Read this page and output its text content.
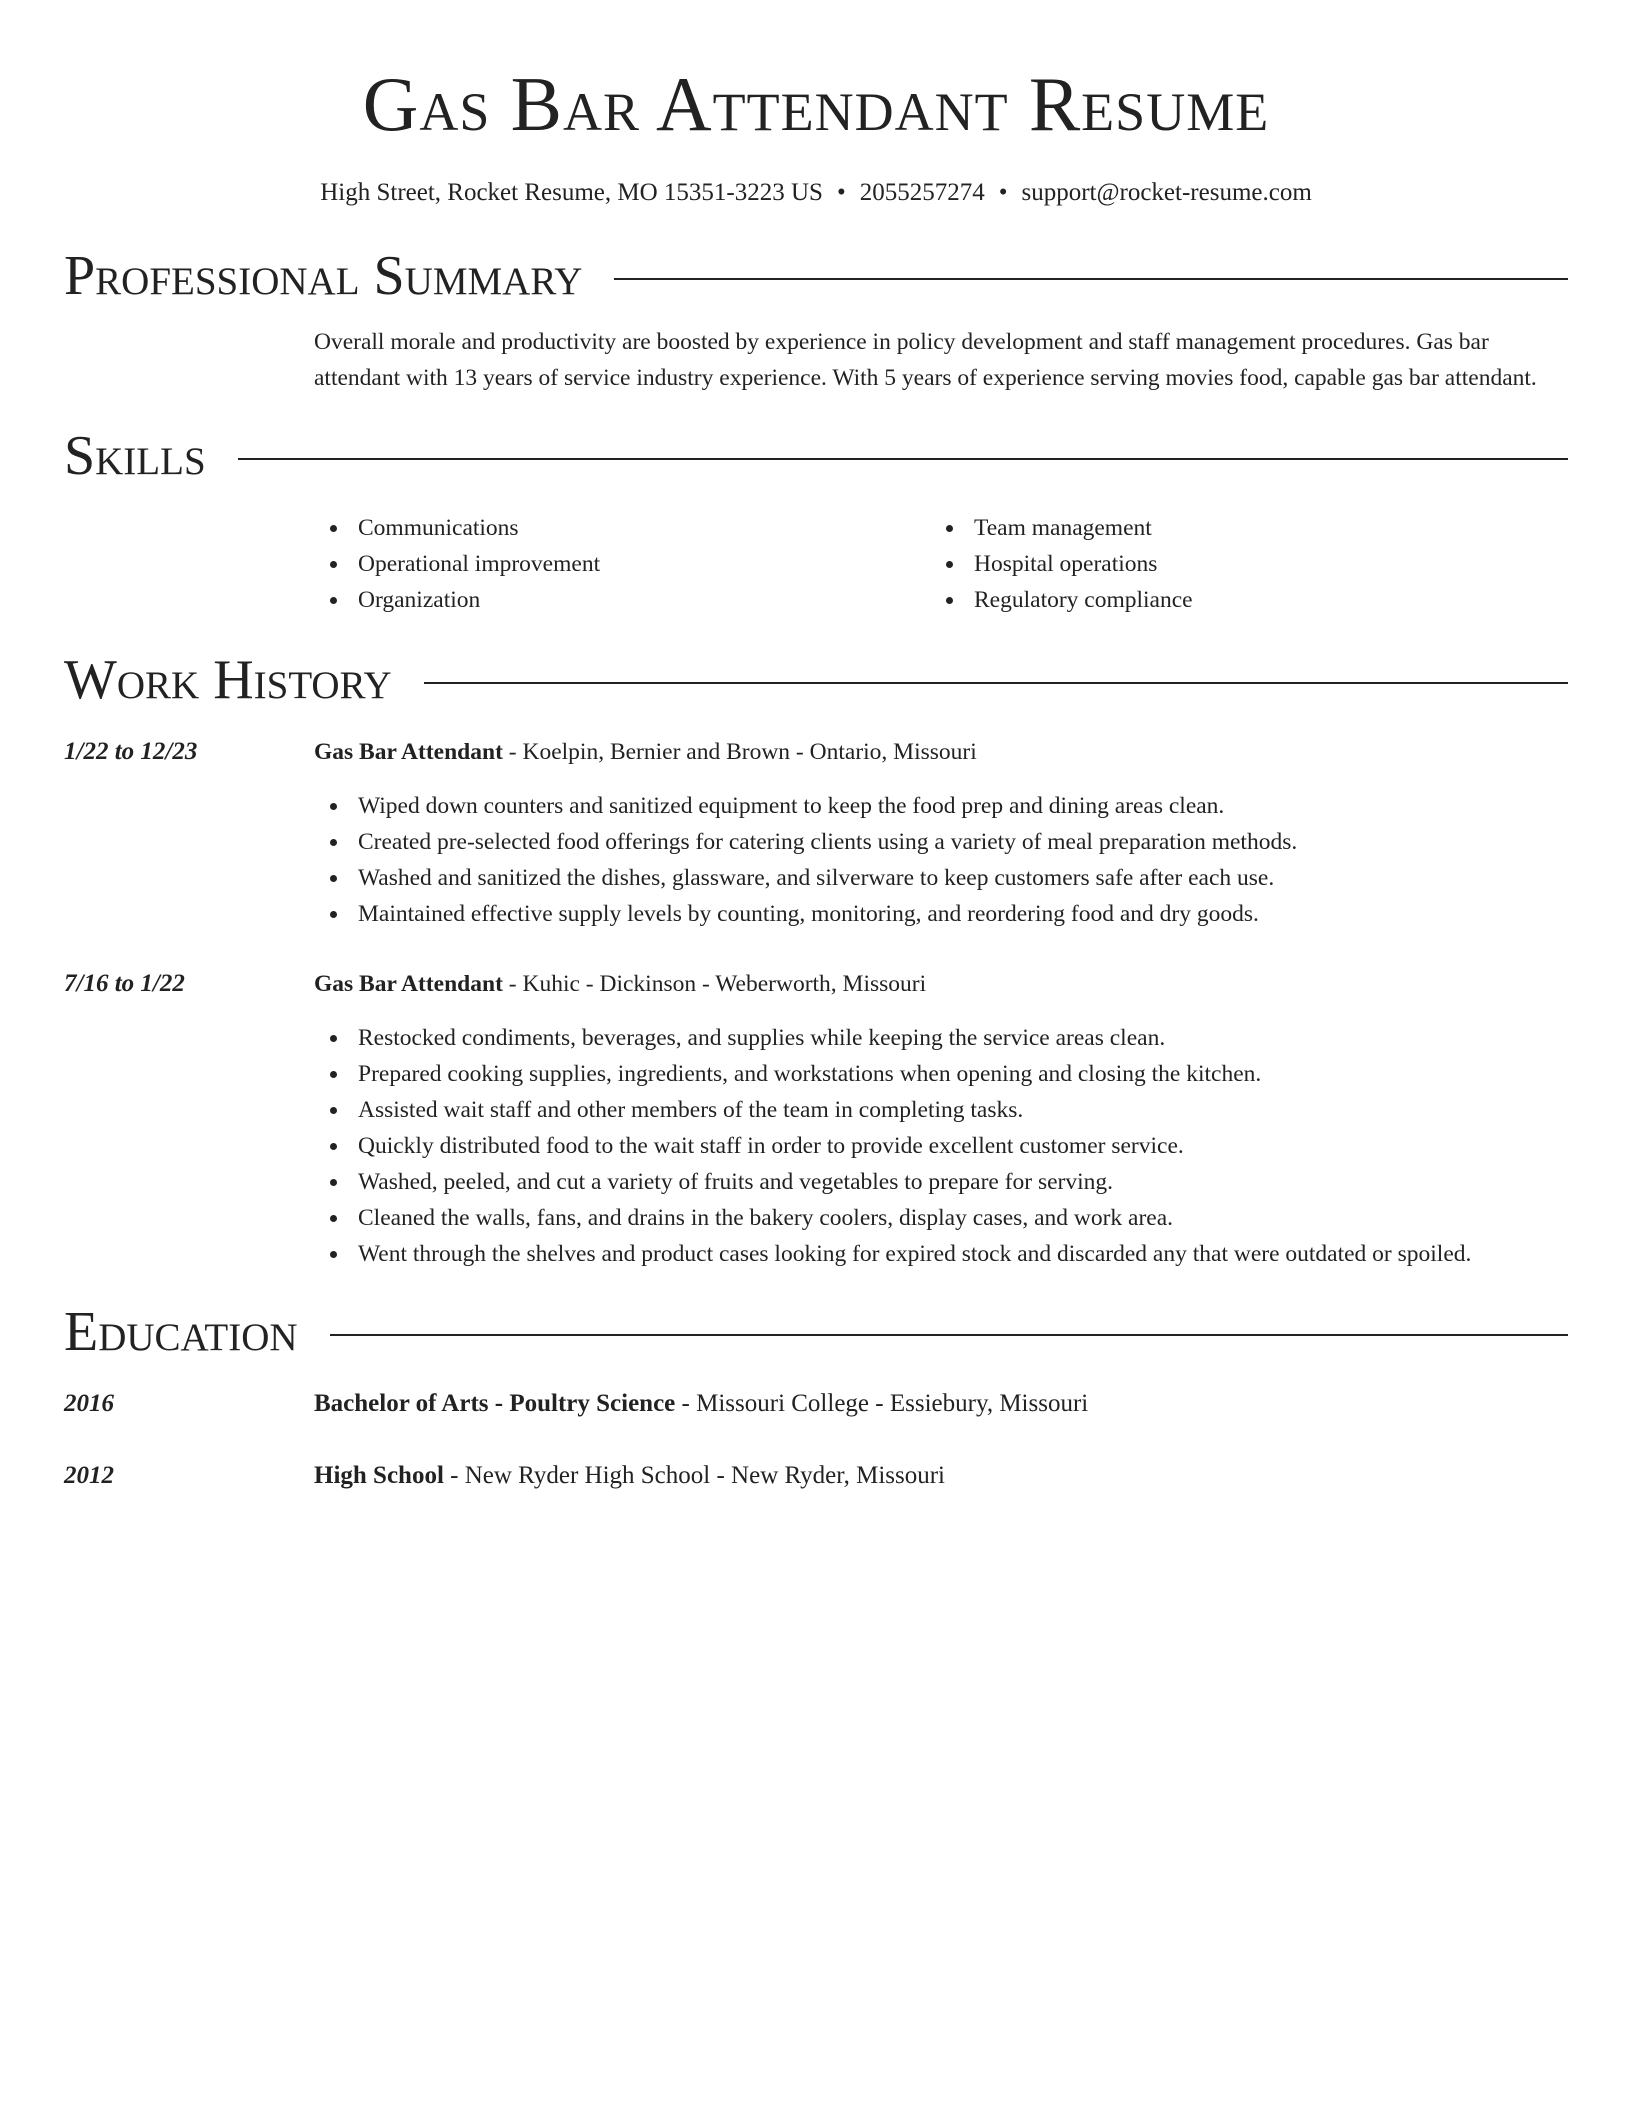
Gas Bar Attendant Resume
High Street, Rocket Resume, MO 15351-3223 US • 2055257274 • support@rocket-resume.com
Professional Summary
Overall morale and productivity are boosted by experience in policy development and staff management procedures. Gas bar attendant with 13 years of service industry experience. With 5 years of experience serving movies food, capable gas bar attendant.
Skills
Communications
Operational improvement
Organization
Team management
Hospital operations
Regulatory compliance
Work History
1/22 to 12/23	Gas Bar Attendant - Koelpin, Bernier and Brown - Ontario, Missouri
Wiped down counters and sanitized equipment to keep the food prep and dining areas clean.
Created pre-selected food offerings for catering clients using a variety of meal preparation methods.
Washed and sanitized the dishes, glassware, and silverware to keep customers safe after each use.
Maintained effective supply levels by counting, monitoring, and reordering food and dry goods.
7/16 to 1/22	Gas Bar Attendant - Kuhic - Dickinson - Weberworth, Missouri
Restocked condiments, beverages, and supplies while keeping the service areas clean.
Prepared cooking supplies, ingredients, and workstations when opening and closing the kitchen.
Assisted wait staff and other members of the team in completing tasks.
Quickly distributed food to the wait staff in order to provide excellent customer service.
Washed, peeled, and cut a variety of fruits and vegetables to prepare for serving.
Cleaned the walls, fans, and drains in the bakery coolers, display cases, and work area.
Went through the shelves and product cases looking for expired stock and discarded any that were outdated or spoiled.
Education
2016	Bachelor of Arts - Poultry Science - Missouri College - Essiebury, Missouri
2012	High School - New Ryder High School - New Ryder, Missouri
